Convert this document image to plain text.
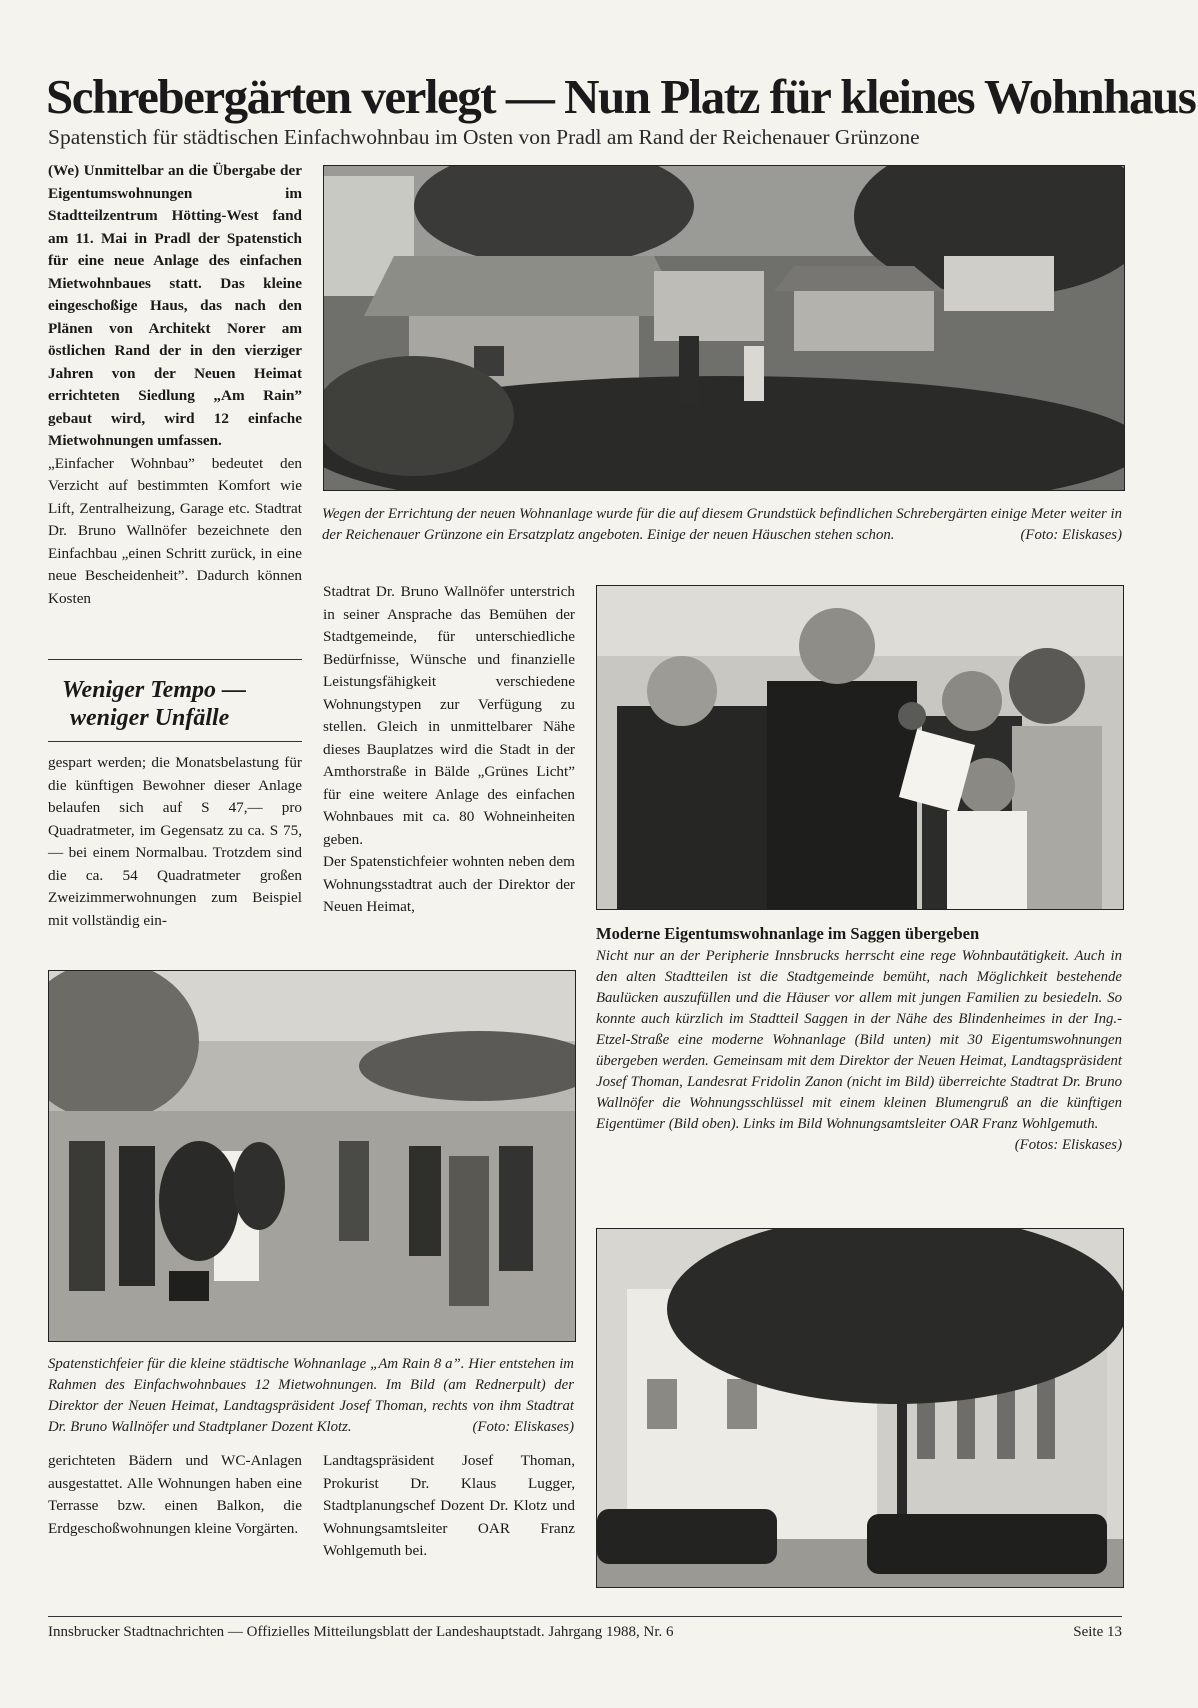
Schrebergärten verlegt — Nun Platz für kleines Wohnhaus
Spatenstich für städtischen Einfachwohnbau im Osten von Pradl am Rand der Reichenauer Grünzone

(We) Unmittelbar an die Übergabe der Eigentumswohnungen im Stadtteilzentrum Hötting-West fand am 11. Mai in Pradl der Spatenstich für eine neue Anlage des einfachen Mietwohnbaues statt. Das kleine eingeschoßige Haus, das nach den Plänen von Architekt Norer am östlichen Rand der in den vierziger Jahren von der Neuen Heimat errichteten Siedlung „Am Rain” gebaut wird, wird 12 einfache Mietwohnungen umfassen.

„Einfacher Wohnbau” bedeutet den Verzicht auf bestimmten Komfort wie Lift, Zentralheizung, Garage etc. Stadtrat Dr. Bruno Wallnöfer bezeichnete den Einfachbau „einen Schritt zurück, in eine neue Bescheidenheit”. Dadurch können Kosten

Weniger Tempo —
weniger Unfälle

gespart werden; die Monatsbelastung für die künftigen Bewohner dieser Anlage belaufen sich auf S 47,— pro Quadratmeter, im Gegensatz zu ca. S 75,— bei einem Normalbau. Trotzdem sind die ca. 54 Quadratmeter großen Zweizimmerwohnungen zum Beispiel mit vollständig ein-

Wegen der Errichtung der neuen Wohnanlage wurde für die auf diesem Grundstück befindlichen Schrebergärten einige Meter weiter in der Reichenauer Grünzone ein Ersatzplatz angeboten. Einige der neuen Häuschen stehen schon.	(Foto: Eliskases)

Stadtrat Dr. Bruno Wallnöfer unterstrich in seiner Ansprache das Bemühen der Stadtgemeinde, für unterschiedliche Bedürfnisse, Wünsche und finanzielle Leistungsfähigkeit verschiedene Wohnungstypen zur Verfügung zu stellen. Gleich in unmittelbarer Nähe dieses Bauplatzes wird die Stadt in der Amthorstraße in Bälde „Grünes Licht” für eine weitere Anlage des einfachen Wohnbaues mit ca. 80 Wohneinheiten geben.

Der Spatenstichfeier wohnten neben dem Wohnungsstadtrat auch der Direktor der Neuen Heimat,

Moderne Eigentumswohnanlage im Saggen übergeben
Nicht nur an der Peripherie Innsbrucks herrscht eine rege Wohnbautätigkeit. Auch in den alten Stadtteilen ist die Stadtgemeinde bemüht, nach Möglichkeit bestehende Baulücken auszufüllen und die Häuser vor allem mit jungen Familien zu besiedeln. So konnte auch kürzlich im Stadtteil Saggen in der Nähe des Blindenheimes in der Ing.-Etzel-Straße eine moderne Wohnanlage (Bild unten) mit 30 Eigentumswohnungen übergeben werden. Gemeinsam mit dem Direktor der Neuen Heimat, Landtagspräsident Josef Thoman, Landesrat Fridolin Zanon (nicht im Bild) überreichte Stadtrat Dr. Bruno Wallnöfer die Wohnungsschlüssel mit einem kleinen Blumengruß an die künftigen Eigentümer (Bild oben). Links im Bild Wohnungsamtsleiter OAR Franz Wohlgemuth.
(Fotos: Eliskases)
Spatenstichfeier für die kleine städtische Wohnanlage „Am Rain 8 a”. Hier entstehen im Rahmen des Einfachwohnbaues 12 Mietwohnungen. Im Bild (am Rednerpult) der Direktor der Neuen Heimat, Landtagspräsident Josef Thoman, rechts von ihm Stadtrat Dr. Bruno Wallnöfer und Stadtplaner Dozent Klotz.	(Foto: Eliskases)

gerichteten Bädern und WC-Anlagen ausgestattet. Alle Wohnungen haben eine Terrasse bzw. einen Balkon, die Erdgeschoßwohnungen kleine Vorgärten.

Landtagspräsident Josef Thoman, Prokurist Dr. Klaus Lugger, Stadtplanungschef Dozent Dr. Klotz und Wohnungsamtsleiter OAR Franz Wohlgemuth bei.

Innsbrucker Stadtnachrichten — Offizielles Mitteilungsblatt der Landeshauptstadt. Jahrgang 1988, Nr. 6	Seite 13
